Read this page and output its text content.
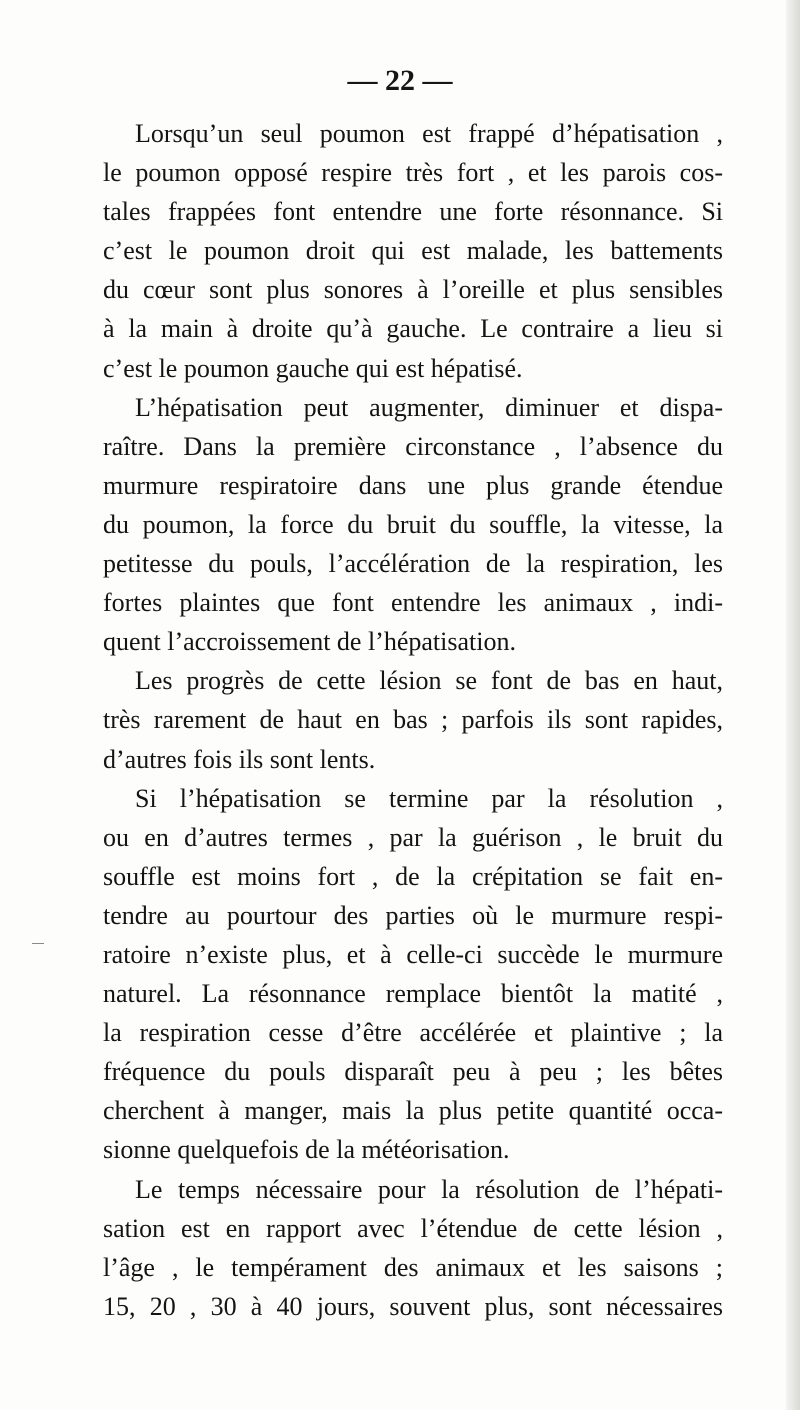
— 22 —
Lorsqu’un seul poumon est frappé d’hépatisation ,
le poumon opposé respire très fort , et les parois cos-
tales frappées font entendre une forte résonnance. Si
c’est le poumon droit qui est malade, les battements
du cœur sont plus sonores à l’oreille et plus sensibles
à la main à droite qu’à gauche. Le contraire a lieu si
c’est le poumon gauche qui est hépatisé.
L’hépatisation peut augmenter, diminuer et dispa-
raître. Dans la première circonstance , l’absence du
murmure respiratoire dans une plus grande étendue
du poumon, la force du bruit du souffle, la vitesse, la
petitesse du pouls, l’accélération de la respiration, les
fortes plaintes que font entendre les animaux , indi-
quent l’accroissement de l’hépatisation.
Les progrès de cette lésion se font de bas en haut,
très rarement de haut en bas ; parfois ils sont rapides,
d’autres fois ils sont lents.
Si l’hépatisation se termine par la résolution ,
ou en d’autres termes , par la guérison , le bruit du
souffle est moins fort , de la crépitation se fait en-
tendre au pourtour des parties où le murmure respi-
ratoire n’existe plus, et à celle-ci succède le murmure
naturel. La résonnance remplace bientôt la matité ,
la respiration cesse d’être accélérée et plaintive ; la
fréquence du pouls disparaît peu à peu ; les bêtes
cherchent à manger, mais la plus petite quantité occa-
sionne quelquefois de la météorisation.
Le temps nécessaire pour la résolution de l’hépati-
sation est en rapport avec l’étendue de cette lésion ,
l’âge , le tempérament des animaux et les saisons ;
15, 20 , 30 à 40 jours, souvent plus, sont nécessaires
